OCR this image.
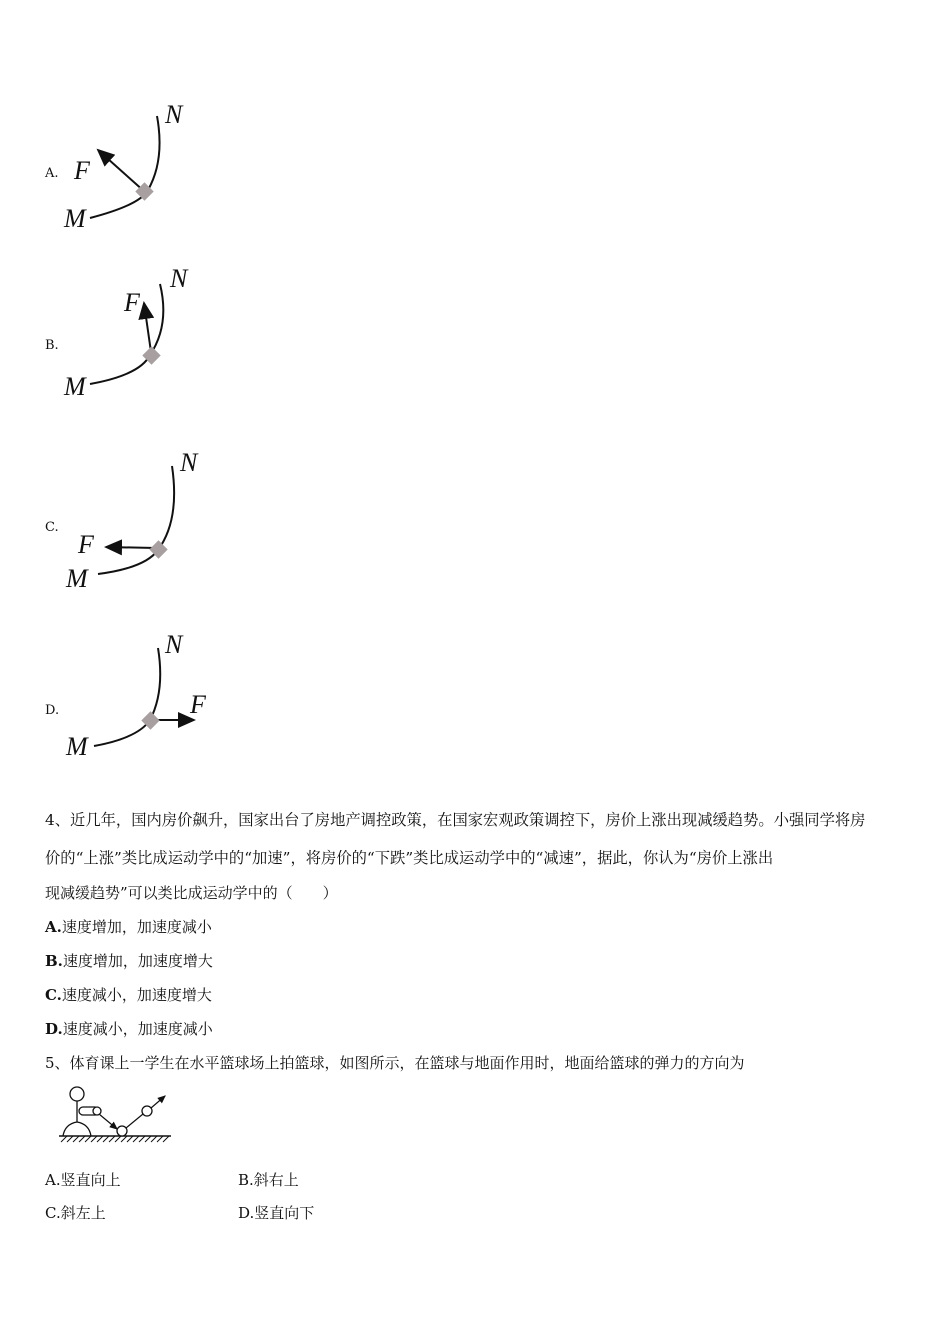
A.
N
F
M
B.
N
F
M
C.
N
F
M
D.
N
F
M
4、近几年，国内房价飙升，国家出台了房地产调控政策，在国家宏观政策调控下，房价上涨出现减缓趋势。小强同学将房
价的“上涨”类比成运动学中的“加速”，将房价的“下跌”类比成运动学中的“减速”，据此，你认为“房价上涨出
现减缓趋势”可以类比成运动学中的（　　）
A.速度增加，加速度减小
B.速度增加，加速度增大
C.速度减小，加速度增大
D.速度减小，加速度减小
5、体育课上一学生在水平篮球场上拍篮球，如图所示，在篮球与地面作用时，地面给篮球的弹力的方向为
A.竖直向上	B.斜右上
C.斜左上	D.竖直向下
